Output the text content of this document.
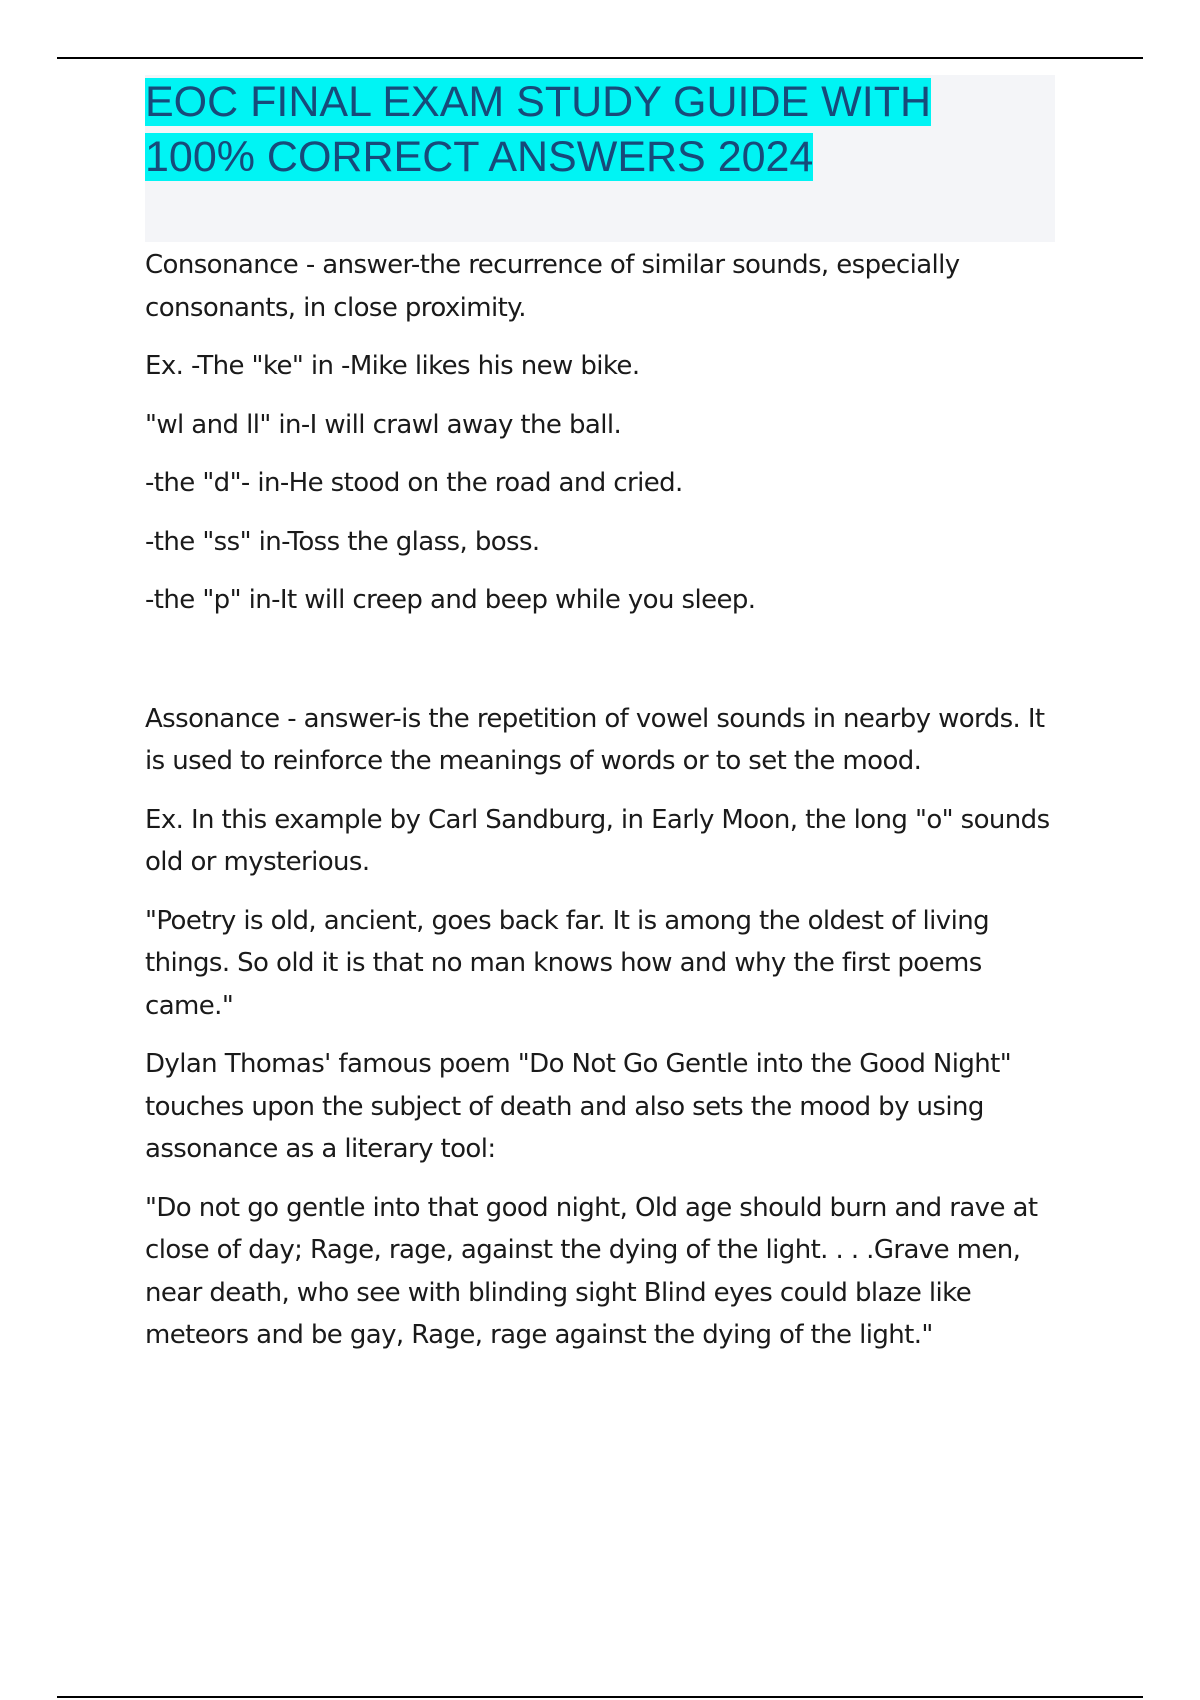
EOC FINAL EXAM STUDY GUIDE WITH
100% CORRECT ANSWERS 2024

Consonance - answer-the recurrence of similar sounds, especially consonants, in close proximity.

Ex. -The "ke" in -Mike likes his new bike.

"wl and ll" in-I will crawl away the ball.

-the "d"- in-He stood on the road and cried.

-the "ss" in-Toss the glass, boss.

-the "p" in-It will creep and beep while you sleep.

Assonance - answer-is the repetition of vowel sounds in nearby words. It is used to reinforce the meanings of words or to set the mood.

Ex. In this example by Carl Sandburg, in Early Moon, the long "o" sounds old or mysterious.

"Poetry is old, ancient, goes back far. It is among the oldest of living things. So old it is that no man knows how and why the first poems came."

Dylan Thomas' famous poem "Do Not Go Gentle into the Good Night" touches upon the subject of death and also sets the mood by using assonance as a literary tool:

"Do not go gentle into that good night, Old age should burn and rave at close of day; Rage, rage, against the dying of the light. . . .Grave men, near death, who see with blinding sight Blind eyes could blaze like meteors and be gay, Rage, rage against the dying of the light."
